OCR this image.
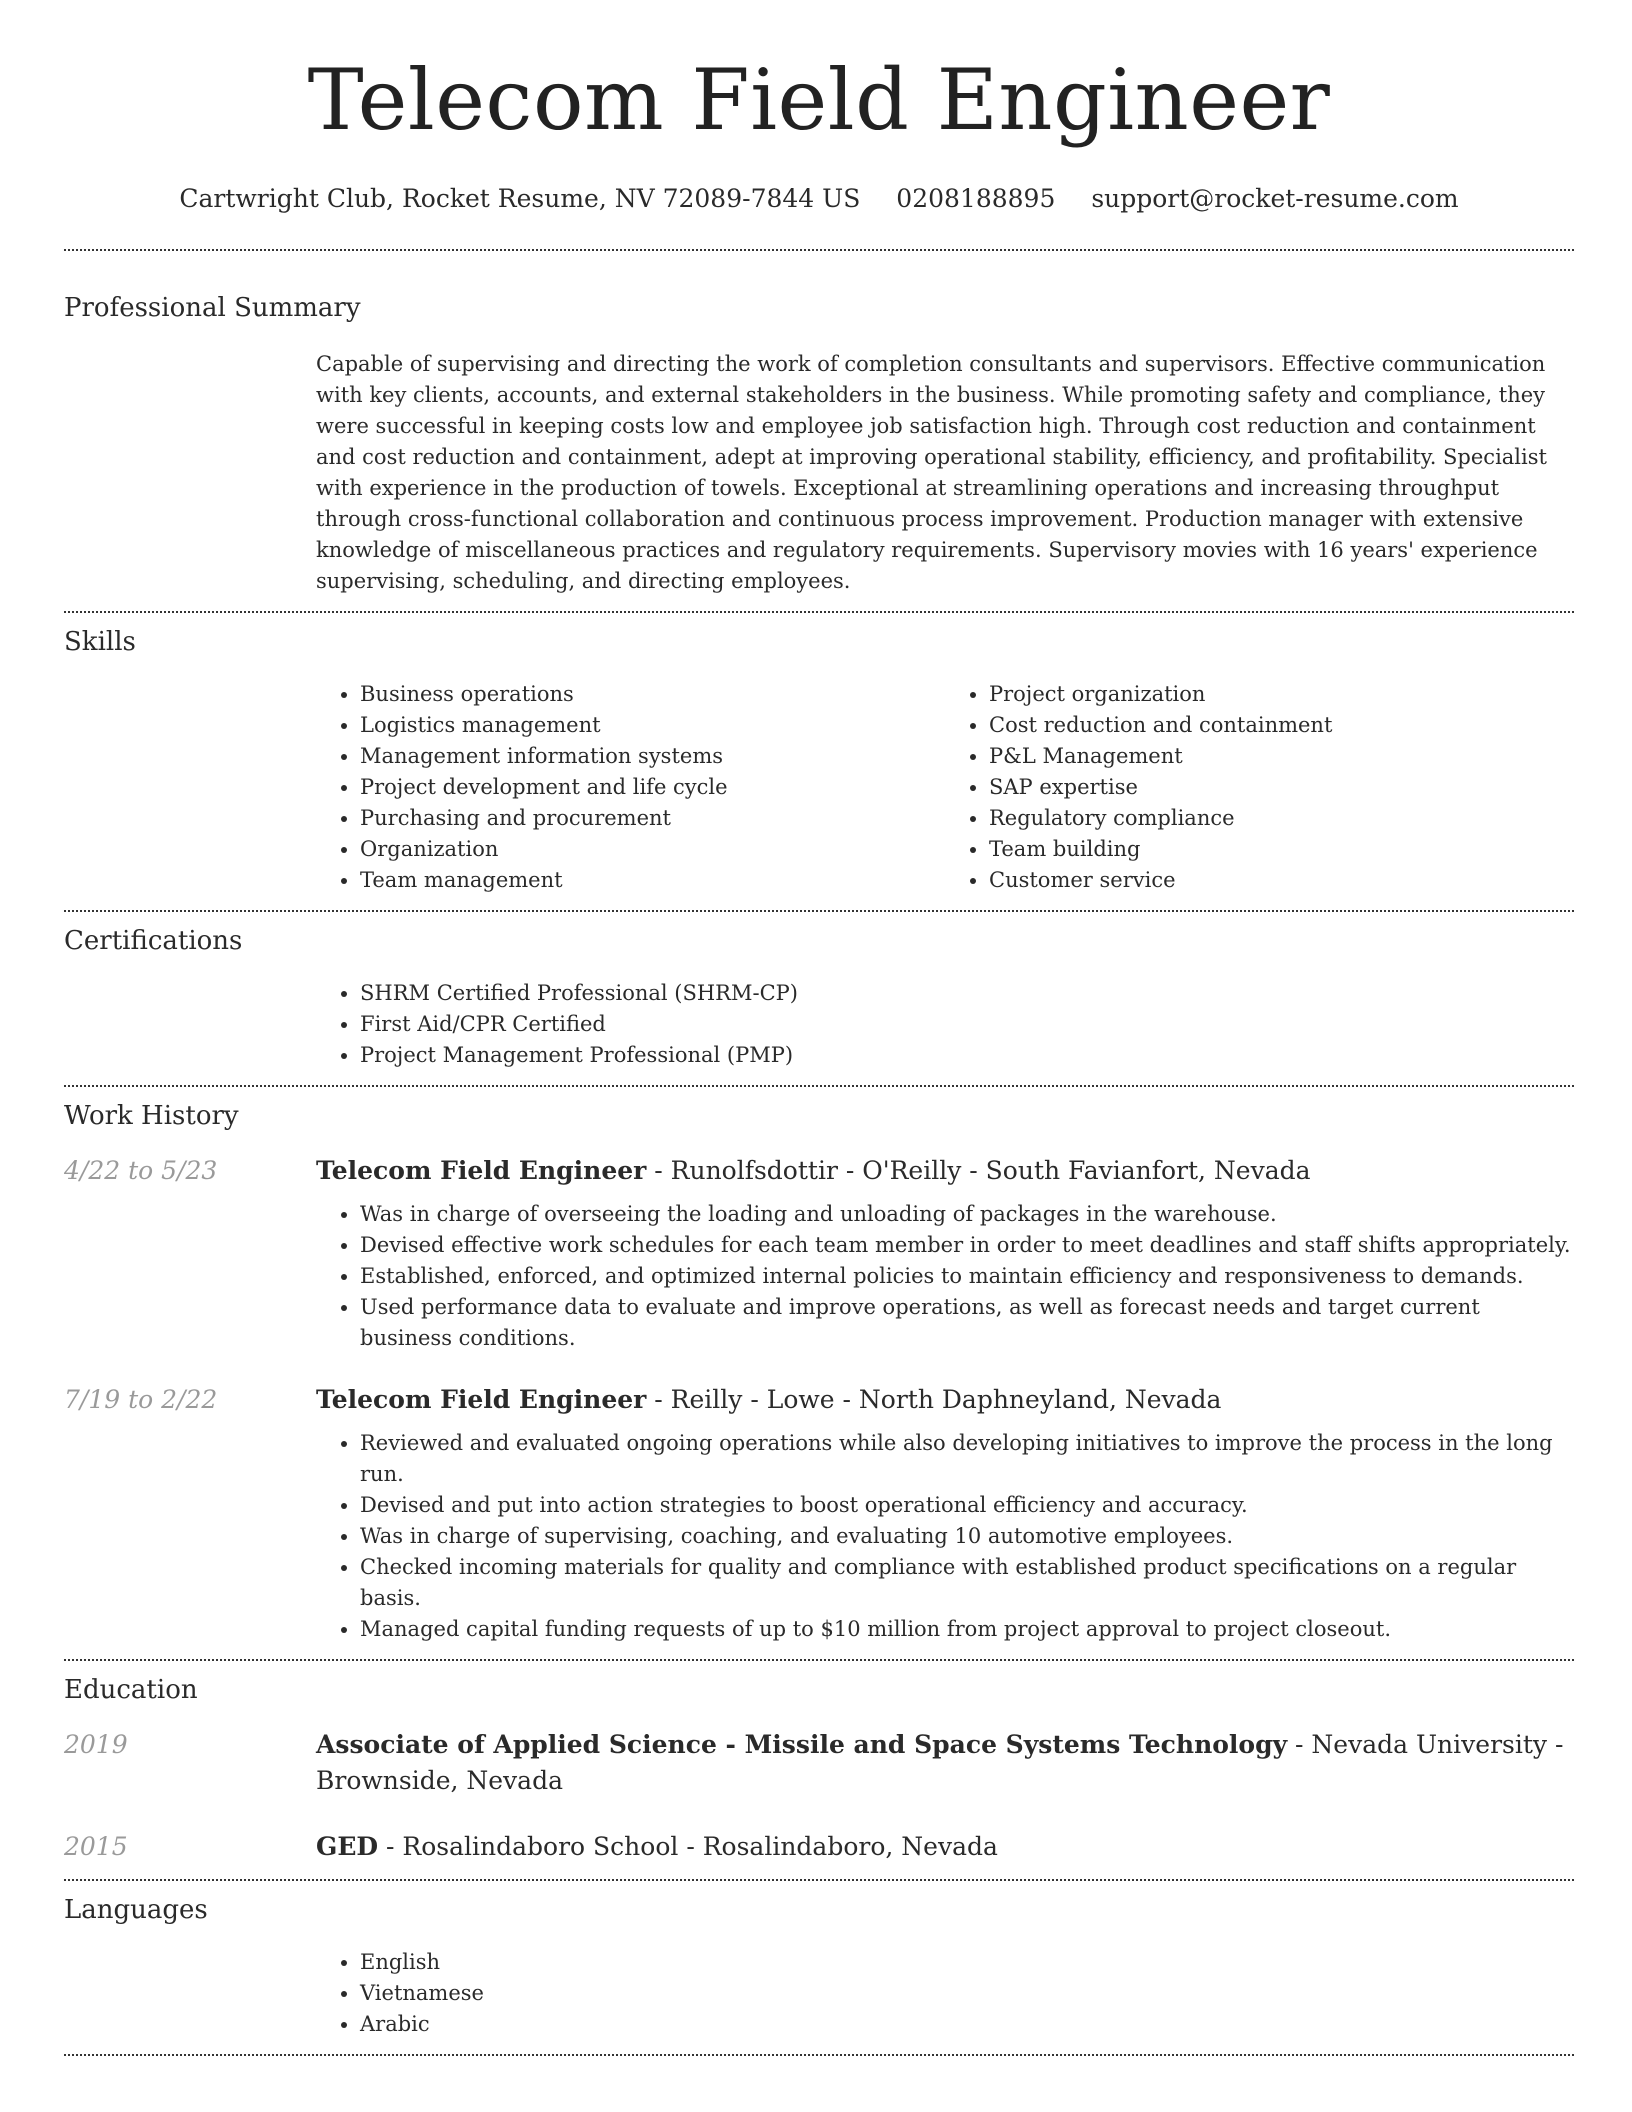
Telecom Field Engineer
Cartwright Club, Rocket Resume, NV 72089-7844 US 0208188895 support@rocket-resume.com
Professional Summary
Capable of supervising and directing the work of completion consultants and supervisors. Effective communication with key clients, accounts, and external stakeholders in the business. While promoting safety and compliance, they were successful in keeping costs low and employee job satisfaction high. Through cost reduction and containment and cost reduction and containment, adept at improving operational stability, efficiency, and profitability. Specialist with experience in the production of towels. Exceptional at streamlining operations and increasing throughput through cross-functional collaboration and continuous process improvement. Production manager with extensive knowledge of miscellaneous practices and regulatory requirements. Supervisory movies with 16 years' experience supervising, scheduling, and directing employees.
Skills
• Business operations
• Logistics management
• Management information systems
• Project development and life cycle
• Purchasing and procurement
• Organization
• Team management
• Project organization
• Cost reduction and containment
• P&L Management
• SAP expertise
• Regulatory compliance
• Team building
• Customer service
Certifications
• SHRM Certified Professional (SHRM-CP)
• First Aid/CPR Certified
• Project Management Professional (PMP)
Work History
4/22 to 5/23	Telecom Field Engineer - Runolfsdottir - O'Reilly - South Favianfort, Nevada
• Was in charge of overseeing the loading and unloading of packages in the warehouse.
• Devised effective work schedules for each team member in order to meet deadlines and staff shifts appropriately.
• Established, enforced, and optimized internal policies to maintain efficiency and responsiveness to demands.
• Used performance data to evaluate and improve operations, as well as forecast needs and target current business conditions.
7/19 to 2/22	Telecom Field Engineer - Reilly - Lowe - North Daphneyland, Nevada
• Reviewed and evaluated ongoing operations while also developing initiatives to improve the process in the long run.
• Devised and put into action strategies to boost operational efficiency and accuracy.
• Was in charge of supervising, coaching, and evaluating 10 automotive employees.
• Checked incoming materials for quality and compliance with established product specifications on a regular basis.
• Managed capital funding requests of up to $10 million from project approval to project closeout.
Education
2019	Associate of Applied Science - Missile and Space Systems Technology - Nevada University - Brownside, Nevada
2015	GED - Rosalindaboro School - Rosalindaboro, Nevada
Languages
• English
• Vietnamese
• Arabic
